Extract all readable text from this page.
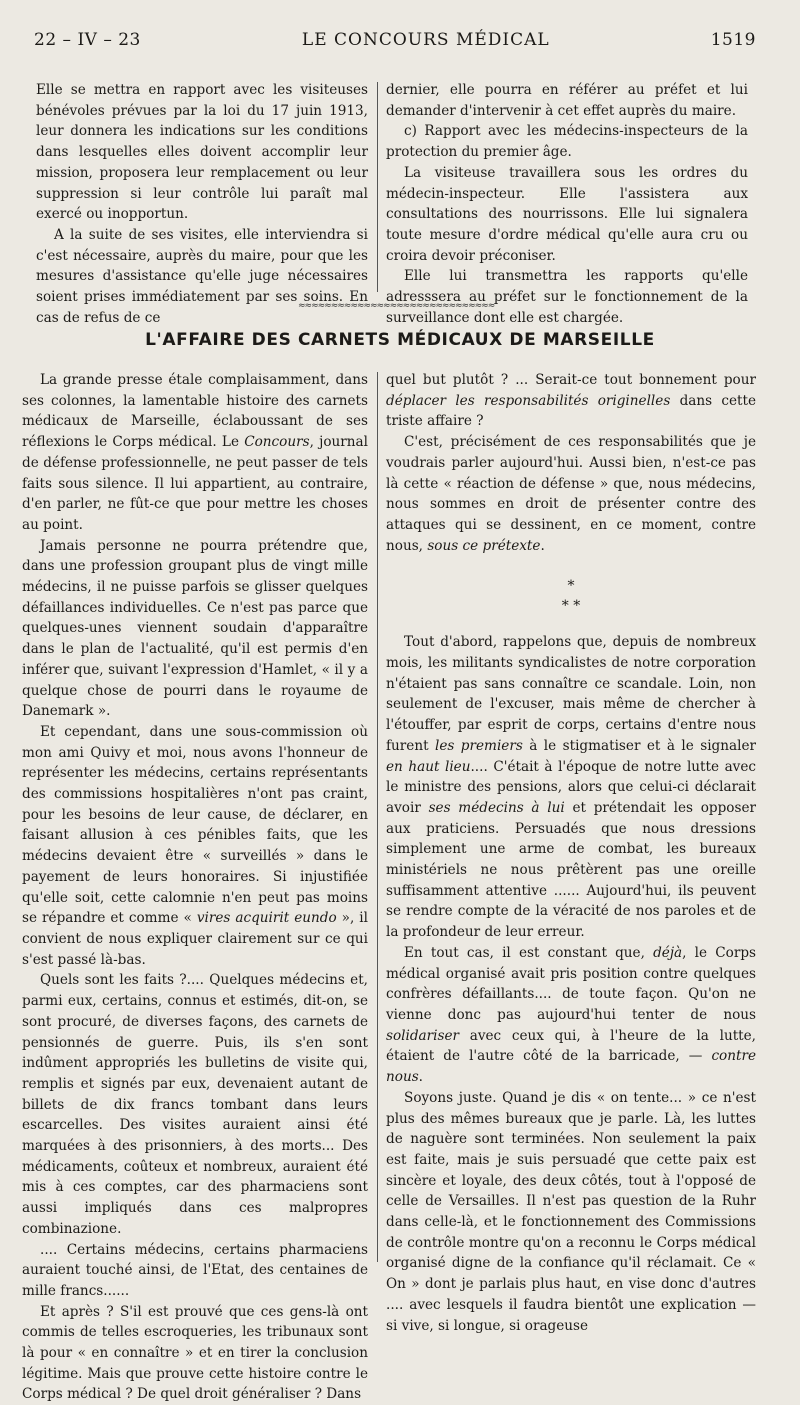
22 – IV – 23	LE CONCOURS MÉDICAL	1519

Elle se mettra en rapport avec les visiteuses bénévoles prévues par la loi du 17 juin 1913, leur donnera les indications sur les conditions dans lesquelles elles doivent accomplir leur mission, proposera leur remplacement ou leur suppression si leur contrôle lui paraît mal exercé ou inopportun.

A la suite de ses visites, elle interviendra si c'est nécessaire, auprès du maire, pour que les mesures d'assistance qu'elle juge nécessaires soient prises immédiatement par ses soins. En cas de refus de ce

dernier, elle pourra en référer au préfet et lui demander d'intervenir à cet effet auprès du maire.

c) Rapport avec les médecins-inspecteurs de la protection du premier âge.

La visiteuse travaillera sous les ordres du médecin-inspecteur. Elle l'assistera aux consultations des nourrissons. Elle lui signalera toute mesure d'ordre médical qu'elle aura cru ou croira devoir préconiser.

Elle lui transmettra les rapports qu'elle adresssera au préfet sur le fonctionnement de la surveillance dont elle est chargée.

≈≈≈≈≈≈≈≈≈≈≈≈≈≈≈≈≈≈≈≈≈≈≈≈≈≈≈≈≈≈
L'AFFAIRE DES CARNETS MÉDICAUX DE MARSEILLE

La grande presse étale complaisamment, dans ses colonnes, la lamentable histoire des carnets médicaux de Marseille, éclaboussant de ses réflexions le Corps médical. Le Concours, journal de défense professionnelle, ne peut passer de tels faits sous silence. Il lui appartient, au contraire, d'en parler, ne fût-ce que pour mettre les choses au point.

Jamais personne ne pourra prétendre que, dans une profession groupant plus de vingt mille médecins, il ne puisse parfois se glisser quelques défaillances individuelles. Ce n'est pas parce que quelques-unes viennent soudain d'apparaître dans le plan de l'actualité, qu'il est permis d'en inférer que, suivant l'expression d'Hamlet, « il y a quelque chose de pourri dans le royaume de Danemark ».

Et cependant, dans une sous-commission où mon ami Quivy et moi, nous avons l'honneur de représenter les médecins, certains représentants des commissions hospitalières n'ont pas craint, pour les besoins de leur cause, de déclarer, en faisant allusion à ces pénibles faits, que les médecins devaient être « surveillés » dans le payement de leurs honoraires. Si injustifiée qu'elle soit, cette calomnie n'en peut pas moins se répandre et comme « vires acquirit eundo », il convient de nous expliquer clairement sur ce qui s'est passé là-bas.

Quels sont les faits ?.... Quelques médecins et, parmi eux, certains, connus et estimés, dit-on, se sont procuré, de diverses façons, des carnets de pensionnés de guerre. Puis, ils s'en sont indûment appropriés les bulletins de visite qui, remplis et signés par eux, devenaient autant de billets de dix francs tombant dans leurs escarcelles. Des visites auraient ainsi été marquées à des prisonniers, à des morts... Des médicaments, coûteux et nombreux, auraient été mis à ces comptes, car des pharmaciens sont aussi impliqués dans ces malpropres combinazione.

.... Certains médecins, certains pharmaciens auraient touché ainsi, de l'Etat, des centaines de mille francs......

Et après ? S'il est prouvé que ces gens-là ont commis de telles escroqueries, les tribunaux sont là pour « en connaître » et en tirer la conclusion légitime. Mais que prouve cette histoire contre le Corps médical ? De quel droit généraliser ? Dans

quel but plutôt ? ... Serait-ce tout bonnement pour déplacer les responsabilités originelles dans cette triste affaire ?

C'est, précisément de ces responsabilités que je voudrais parler aujourd'hui. Aussi bien, n'est-ce pas là cette « réaction de défense » que, nous médecins, nous sommes en droit de présenter contre des attaques qui se dessinent, en ce moment, contre nous, sous ce prétexte.

*
* *

Tout d'abord, rappelons que, depuis de nombreux mois, les militants syndicalistes de notre corporation n'étaient pas sans connaître ce scandale. Loin, non seulement de l'excuser, mais même de chercher à l'étouffer, par esprit de corps, certains d'entre nous furent les premiers à le stigmatiser et à le signaler en haut lieu.... C'était à l'époque de notre lutte avec le ministre des pensions, alors que celui-ci déclarait avoir ses médecins à lui et prétendait les opposer aux praticiens. Persuadés que nous dressions simplement une arme de combat, les bureaux ministériels ne nous prêtèrent pas une oreille suffisamment attentive ...... Aujourd'hui, ils peuvent se rendre compte de la véracité de nos paroles et de la profondeur de leur erreur.

En tout cas, il est constant que, déjà, le Corps médical organisé avait pris position contre quelques confrères défaillants.... de toute façon. Qu'on ne vienne donc pas aujourd'hui tenter de nous solidariser avec ceux qui, à l'heure de la lutte, étaient de l'autre côté de la barricade, — contre nous.

Soyons juste. Quand je dis « on tente... » ce n'est plus des mêmes bureaux que je parle. Là, les luttes de naguère sont terminées. Non seulement la paix est faite, mais je suis persuadé que cette paix est sincère et loyale, des deux côtés, tout à l'opposé de celle de Versailles. Il n'est pas question de la Ruhr dans celle-là, et le fonctionnement des Commissions de contrôle montre qu'on a reconnu le Corps médical organisé digne de la confiance qu'il réclamait. Ce « On » dont je parlais plus haut, en vise donc d'autres .... avec lesquels il faudra bientôt une explication — si vive, si longue, si orageuse
